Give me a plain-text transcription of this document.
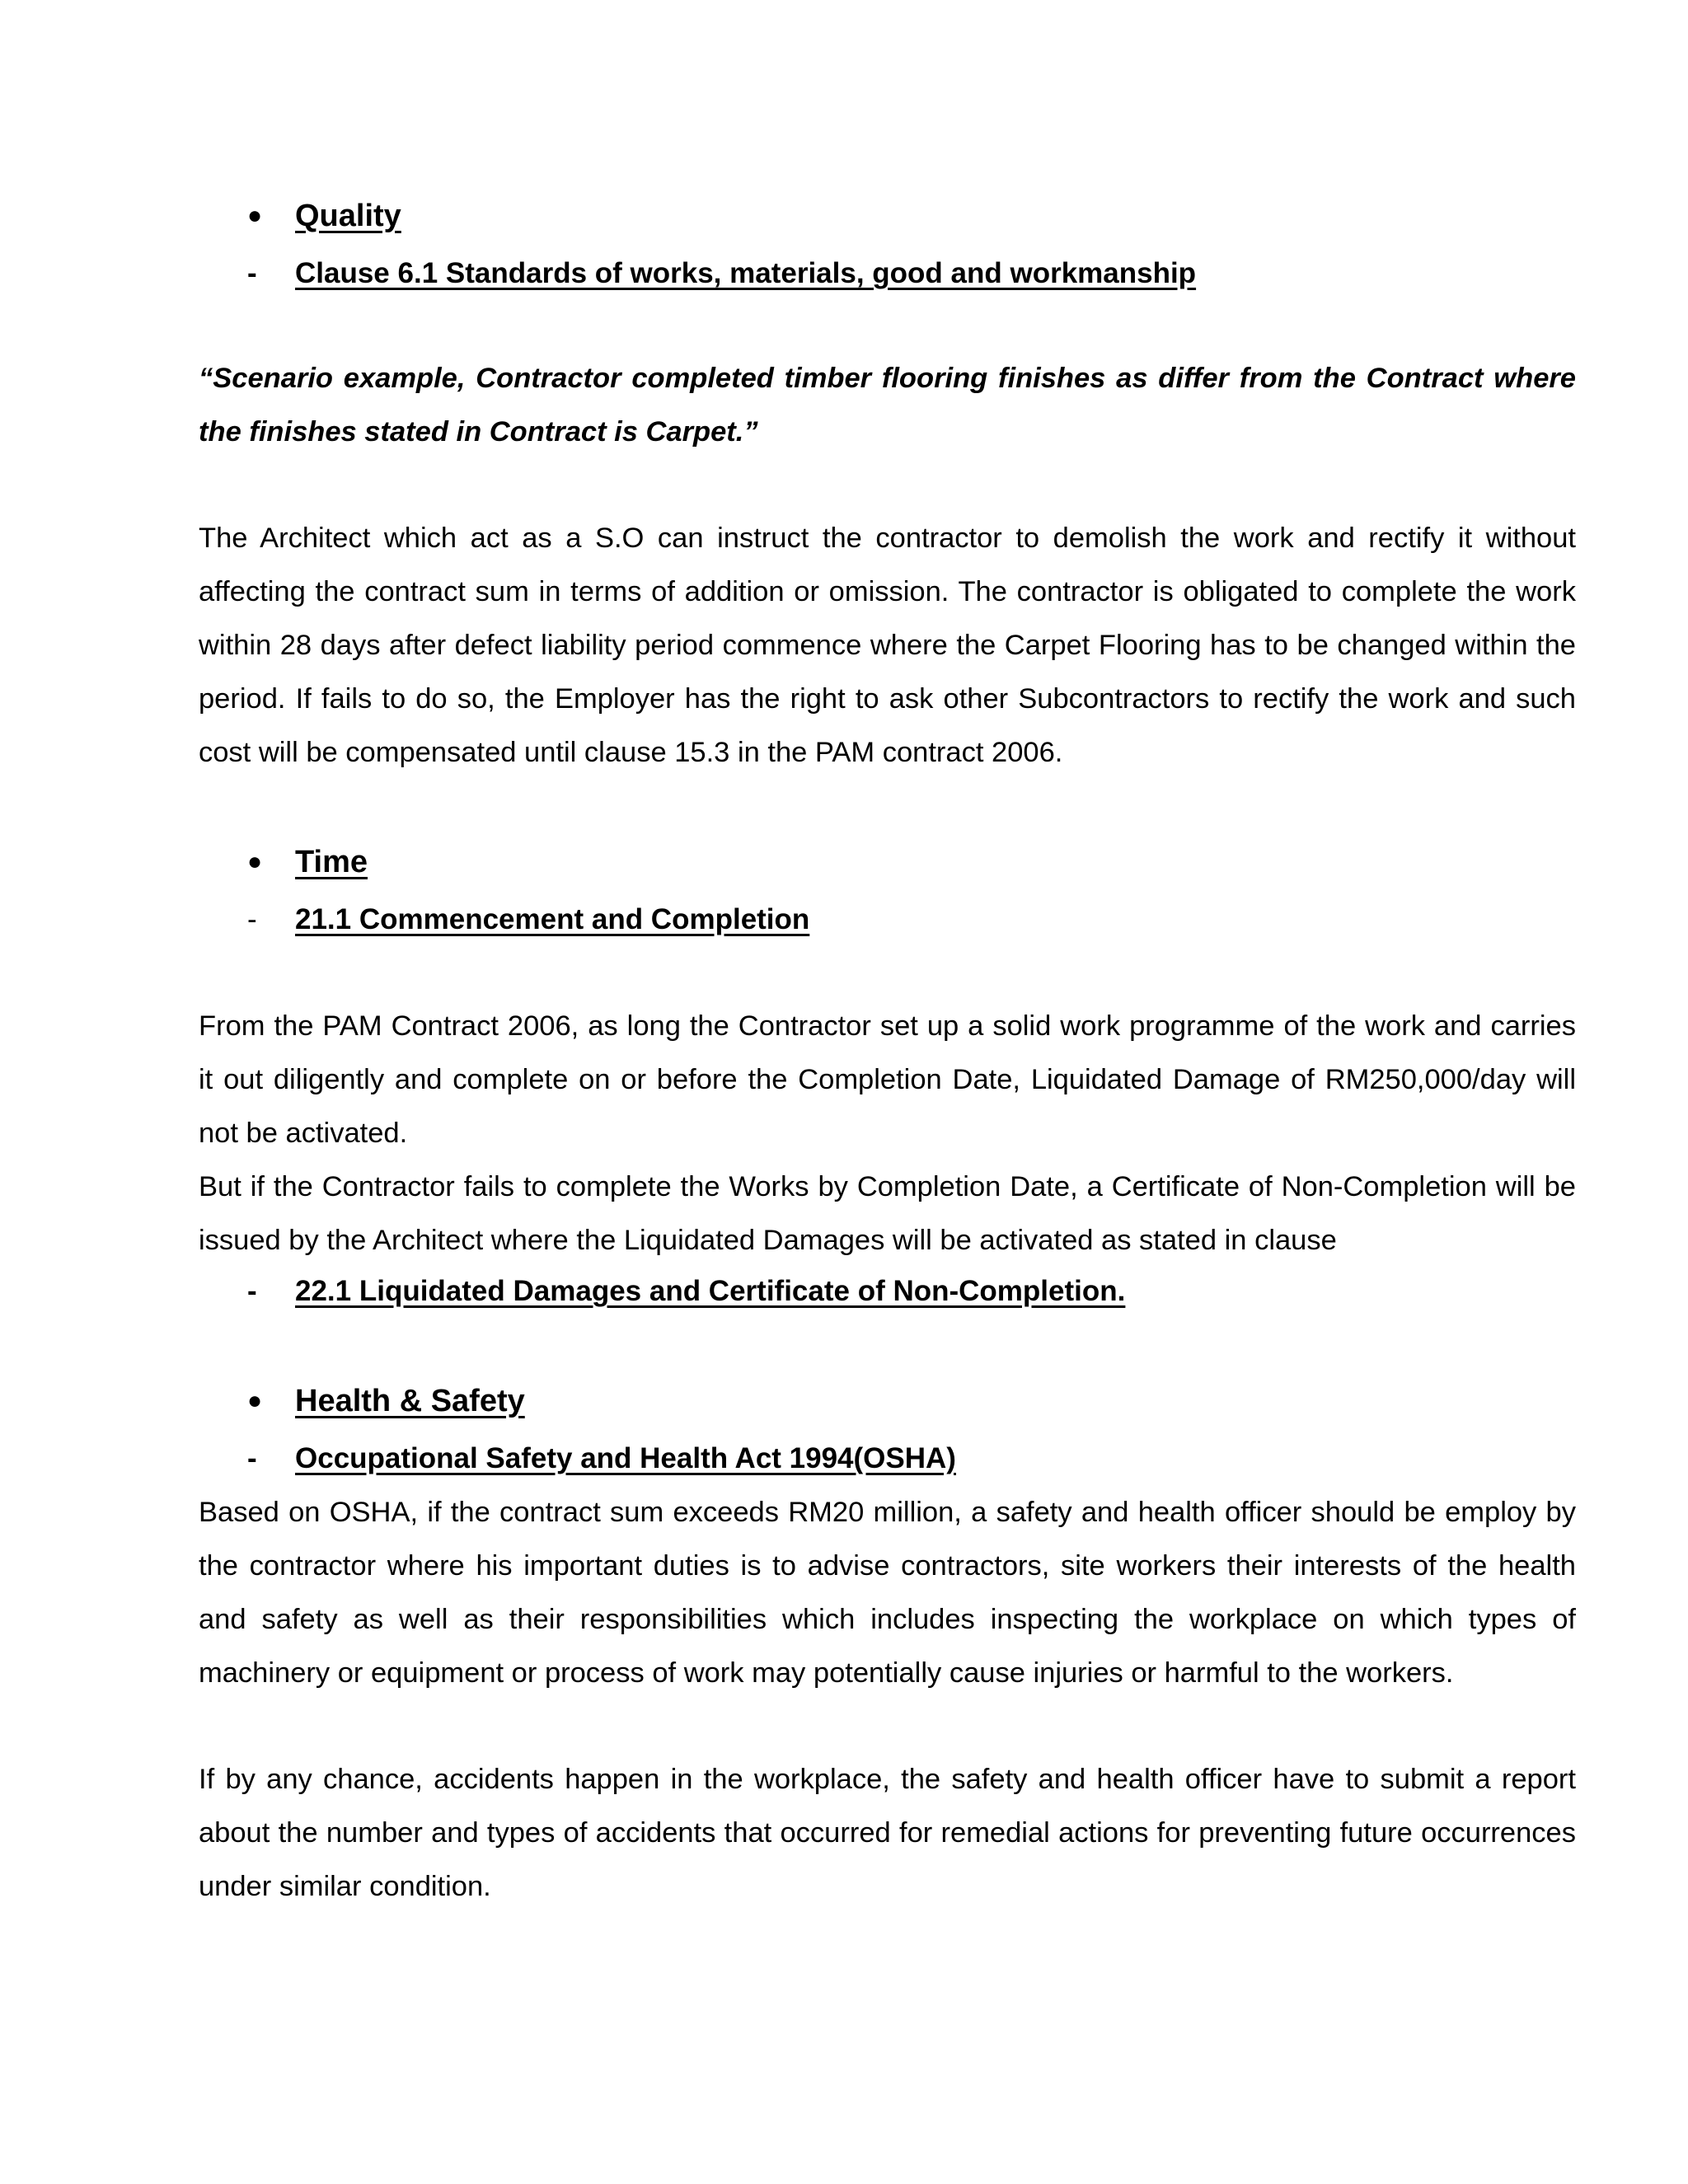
●	Quality
-	Clause 6.1 Standards of works, materials, good and workmanship

“Scenario example, Contractor completed timber flooring finishes as differ from the Contract where the finishes stated in Contract is Carpet.”

The Architect which act as a S.O can instruct the contractor to demolish the work and rectify it without affecting the contract sum in terms of addition or omission. The contractor is obligated to complete the work within 28 days after defect liability period commence where the Carpet Flooring has to be changed within the period. If fails to do so, the Employer has the right to ask other Subcontractors to rectify the work and such cost will be compensated until clause 15.3 in the PAM contract 2006.

●	Time
-	21.1 Commencement and Completion

From the PAM Contract 2006, as long the Contractor set up a solid work programme of the work and carries it out diligently and complete on or before the Completion Date, Liquidated Damage of RM250,000/day will not be activated.

But if the Contractor fails to complete the Works by Completion Date, a Certificate of Non-Completion will be issued by the Architect where the Liquidated Damages will be activated as stated in clause

-	22.1 Liquidated Damages and Certificate of Non-Completion.
●	Health & Safety
-	Occupational Safety and Health Act 1994(OSHA)

Based on OSHA, if the contract sum exceeds RM20 million, a safety and health officer should be employ by the contractor where his important duties is to advise contractors, site workers their interests of the health and safety as well as their responsibilities which includes inspecting the workplace on which types of machinery or equipment or process of work may potentially cause injuries or harmful to the workers.

If by any chance, accidents happen in the workplace, the safety and health officer have to submit a report about the number and types of accidents that occurred for remedial actions for preventing future occurrences under similar condition.
